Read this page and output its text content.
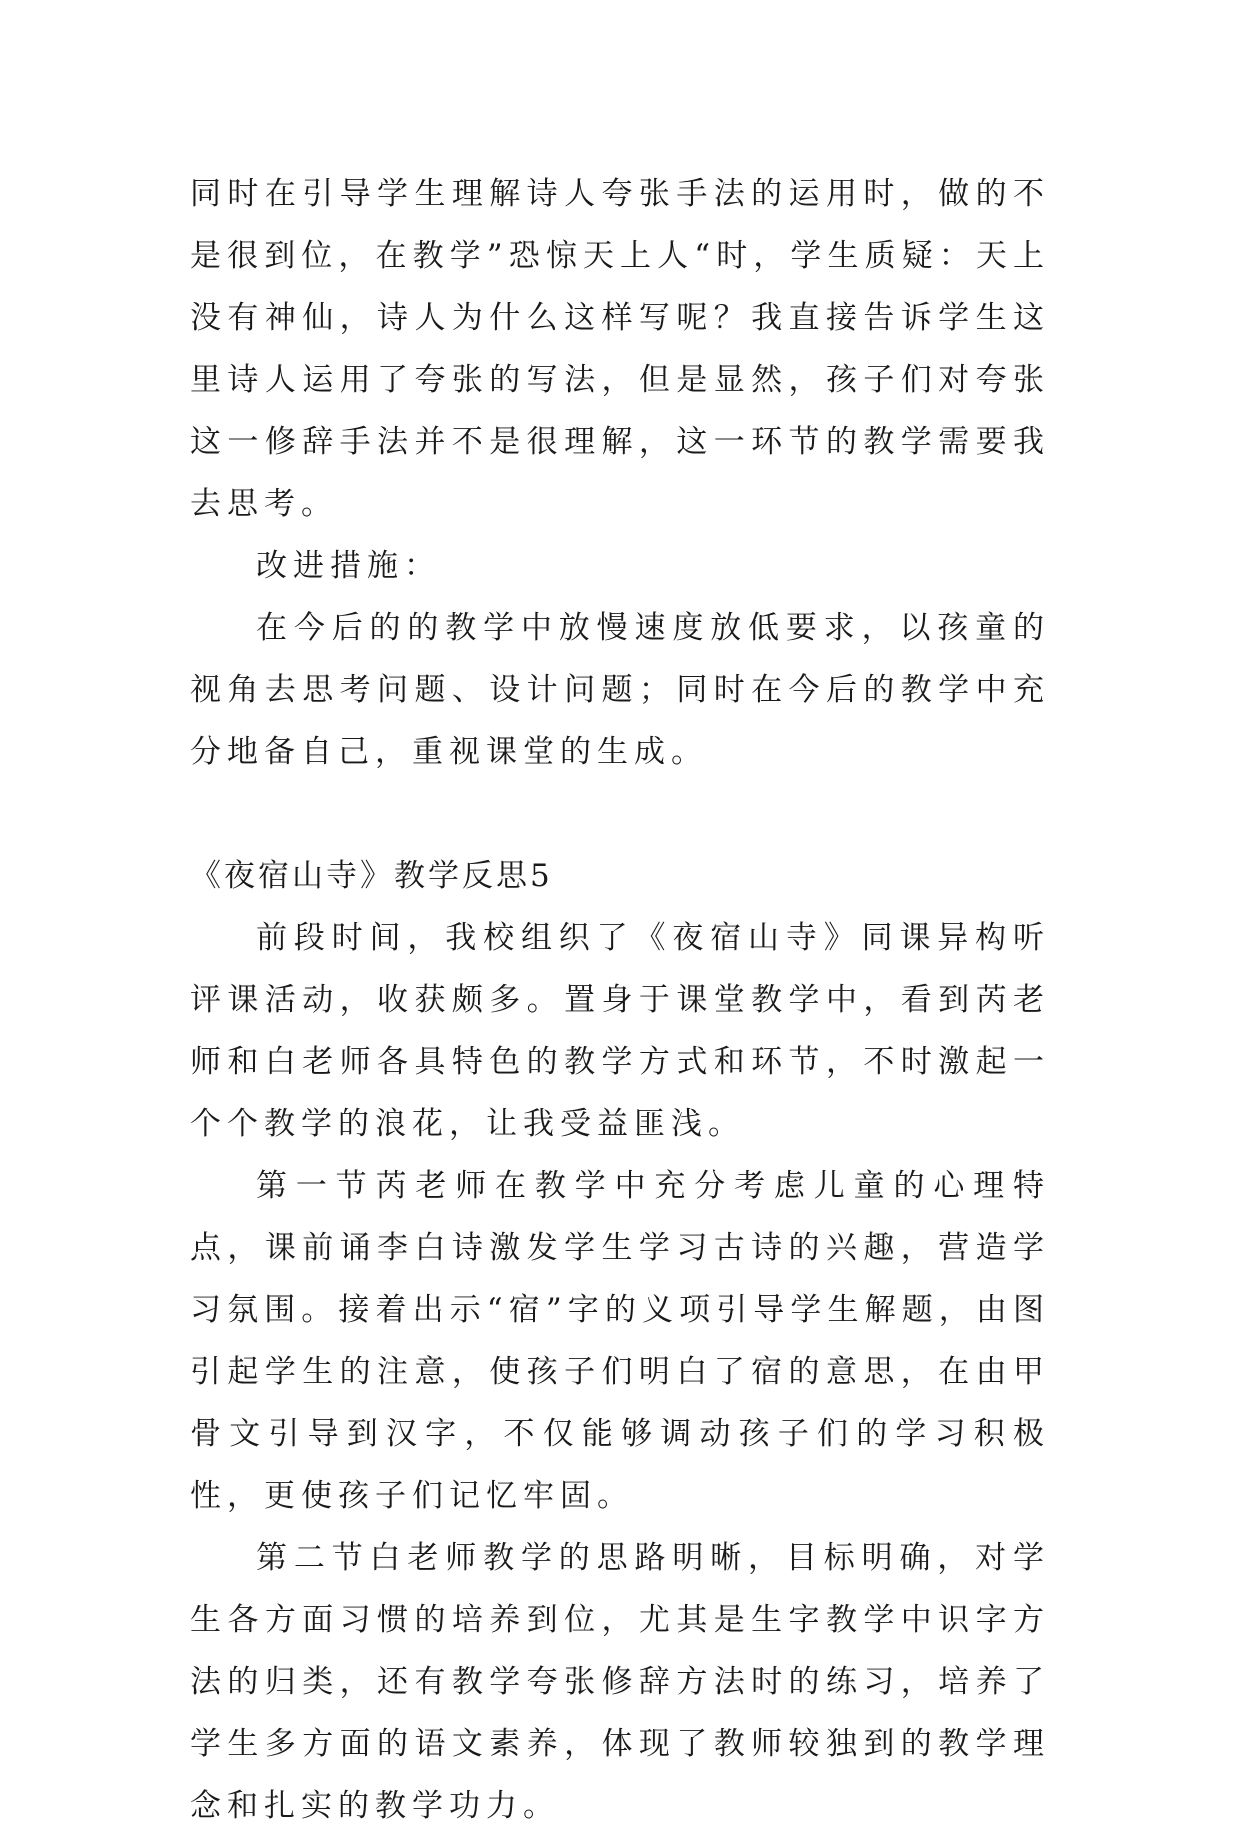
同时在引导学生理解诗人夸张手法的运用时，做的不是很到位，在教学”恐惊天上人“时，学生质疑：天上没有神仙，诗人为什么这样写呢？我直接告诉学生这里诗人运用了夸张的写法，但是显然，孩子们对夸张这一修辞手法并不是很理解，这一环节的教学需要我去思考。

改进措施：

在今后的的教学中放慢速度放低要求，以孩童的视角去思考问题、设计问题；同时在今后的教学中充分地备自己，重视课堂的生成。

《夜宿山寺》教学反思5

前段时间，我校组织了《夜宿山寺》同课异构听评课活动，收获颇多。置身于课堂教学中，看到芮老师和白老师各具特色的教学方式和环节，不时激起一个个教学的浪花，让我受益匪浅。

第一节芮老师在教学中充分考虑儿童的心理特点，课前诵李白诗激发学生学习古诗的兴趣，营造学习氛围。接着出示“宿”字的义项引导学生解题，由图引起学生的注意，使孩子们明白了宿的意思，在由甲骨文引导到汉字，不仅能够调动孩子们的学习积极性，更使孩子们记忆牢固。

第二节白老师教学的思路明晰，目标明确，对学生各方面习惯的培养到位，尤其是生字教学中识字方法的归类，还有教学夸张修辞方法时的练习，培养了学生多方面的语文素养，体现了教师较独到的教学理念和扎实的教学功力。
